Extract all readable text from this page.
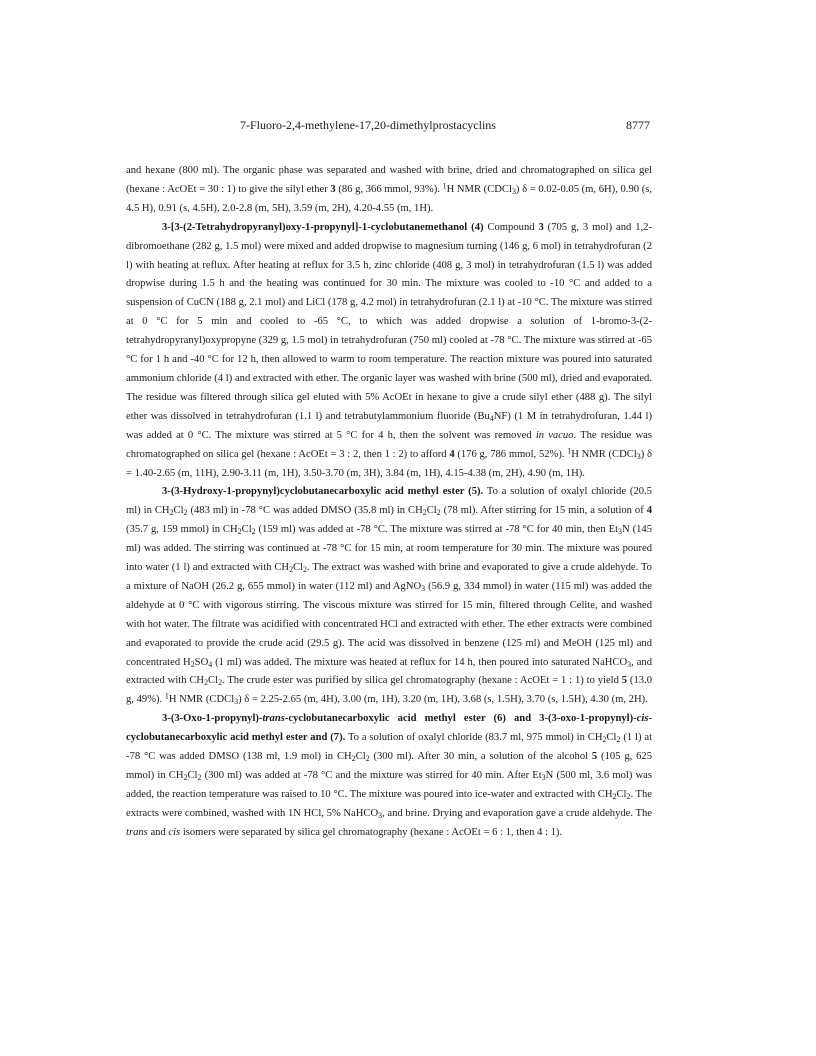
7-Fluoro-2,4-methylene-17,20-dimethylprostacyclins	8777

and hexane (800 ml). The organic phase was separated and washed with brine, dried and chromatographed on silica gel (hexane : AcOEt = 30 : 1) to give the silyl ether 3 (86 g, 366 mmol, 93%). $^1$H NMR (CDCl$_3$) δ = 0.02-0.05 (m, 6H), 0.90 (s, 4.5 H), 0.91 (s, 4.5H), 2.0-2.8 (m, 5H), 3.59 (m, 2H), 4.20-4.55 (m, 1H).

3-[3-(2-Tetrahydropyranyl)oxy-1-propynyl]-1-cyclobutanemethanol (4) Compound 3 (705 g, 3 mol) and 1,2-dibromoethane (282 g, 1.5 mol) were mixed and added dropwise to magnesium turning (146 g, 6 mol) in tetrahydrofuran (2 l) with heating at reflux. After heating at reflux for 3.5 h, zinc chloride (408 g, 3 mol) in tetrahydrofuran (1.5 l) was added dropwise during 1.5 h and the heating was continued for 30 min. The mixture was cooled to -10 °C and added to a suspension of CuCN (188 g, 2.1 mol) and LiCl (178 g, 4.2 mol) in tetrahydrofuran (2.1 l) at -10 °C. The mixture was stirred at 0 °C for 5 min and cooled to -65 °C, to which was added dropwise a solution of 1-bromo-3-(2-tetrahydropyranyl)oxypropyne (329 g, 1.5 mol) in tetrahydrofuran (750 ml) cooled at -78 °C. The mixture was stirred at -65 °C for 1 h and -40 °C for 12 h, then allowed to warm to room temperature. The reaction mixture was poured into saturated ammonium chloride (4 l) and extracted with ether. The organic layer was washed with brine (500 ml), dried and evaporated. The residue was filtered through silica gel eluted with 5% AcOEt in hexane to give a crude silyl ether (488 g). The silyl ether was dissolved in tetrahydrofuran (1.1 l) and tetrabutylammonium fluoride $(Bu_4NF)$ (1 M in tetrahydrofuran, 1.44 l) was added at 0 °C. The mixture was stirred at 5 °C for 4 h, then the solvent was removed in vacuo. The residue was chromatographed on silica gel (hexane : AcOEt = 3 : 2, then 1 : 2) to afford 4 (176 g, 786 mmol, 52%). $^1$H NMR (CDCl$_3$) δ = 1.40-2.65 (m, 11H), 2.90-3.11 (m, 1H), 3.50-3.70 (m, 3H), 3.84 (m, 1H), 4.15-4.38 (m, 2H), 4.90 (m, 1H).

3-(3-Hydroxy-1-propynyl)cyclobutanecarboxylic acid methyl ester (5). To a solution of oxalyl chloride (20.5 ml) in $CH_2Cl_2$ (483 ml) in -78 °C was added DMSO (35.8 ml) in $CH_2Cl_2$ (78 ml). After stirring for 15 min, a solution of 4 (35.7 g, 159 mmol) in $CH_2Cl_2$ (159 ml) was added at -78 °C. The mixture was stirred at -78 °C for 40 min, then $Et_3N$ (145 ml) was added. The stirring was continued at -78 °C for 15 min, at room temperature for 30 min. The mixture was poured into water (1 l) and extracted with $CH_2Cl_2$. The extract was washed with brine and evaporated to give a crude aldehyde. To a mixture of NaOH (26.2 g, 655 mmol) in water (112 ml) and AgNO$_3$ (56.9 g, 334 mmol) in water (115 ml) was added the aldehyde at 0 °C with vigorous stirring. The viscous mixture was stirred for 15 min, filtered through Celite, and washed with hot water. The filtrate was acidified with concentrated HCl and extracted with ether. The ether extracts were combined and evaporated to provide the crude acid (29.5 g). The acid was dissolved in benzene (125 ml) and MeOH (125 ml) and concentrated $H_2SO_4$ (1 ml) was added. The mixture was heated at reflux for 14 h, then poured into saturated NaHCO$_3$, and extracted with $CH_2Cl_2$. The crude ester was purified by silica gel chromatography (hexane : AcOEt = 1 : 1) to yield 5 (13.0 g, 49%). $^1$H NMR (CDCl$_3$) δ = 2.25-2.65 (m, 4H), 3.00 (m, 1H), 3.20 (m, 1H), 3.68 (s, 1.5H), 3.70 (s, 1.5H), 4.30 (m, 2H).

3-(3-Oxo-1-propynyl)-trans-cyclobutanecarboxylic acid methyl ester (6) and 3-(3-oxo-1-propynyl)-cis-cyclobutanecarboxylic acid methyl ester and (7). To a solution of oxalyl chloride (83.7 ml, 975 mmol) in $CH_2Cl_2$ (1 l) at -78 °C was added DMSO (138 ml, 1.9 mol) in $CH_2Cl_2$ (300 ml). After 30 min, a solution of the alcohol 5 (105 g, 625 mmol) in $CH_2Cl_2$ (300 ml) was added at -78 °C and the mixture was stirred for 40 min. After $Et_3N$ (500 ml, 3.6 mol) was added, the reaction temperature was raised to 10 °C. The mixture was poured into ice-water and extracted with $CH_2Cl_2$. The extracts were combined, washed with 1N HCl, 5% NaHCO$_3$, and brine. Drying and evaporation gave a crude aldehyde. The trans and cis isomers were separated by silica gel chromatography (hexane : AcOEt = 6 : 1, then 4 : 1).
